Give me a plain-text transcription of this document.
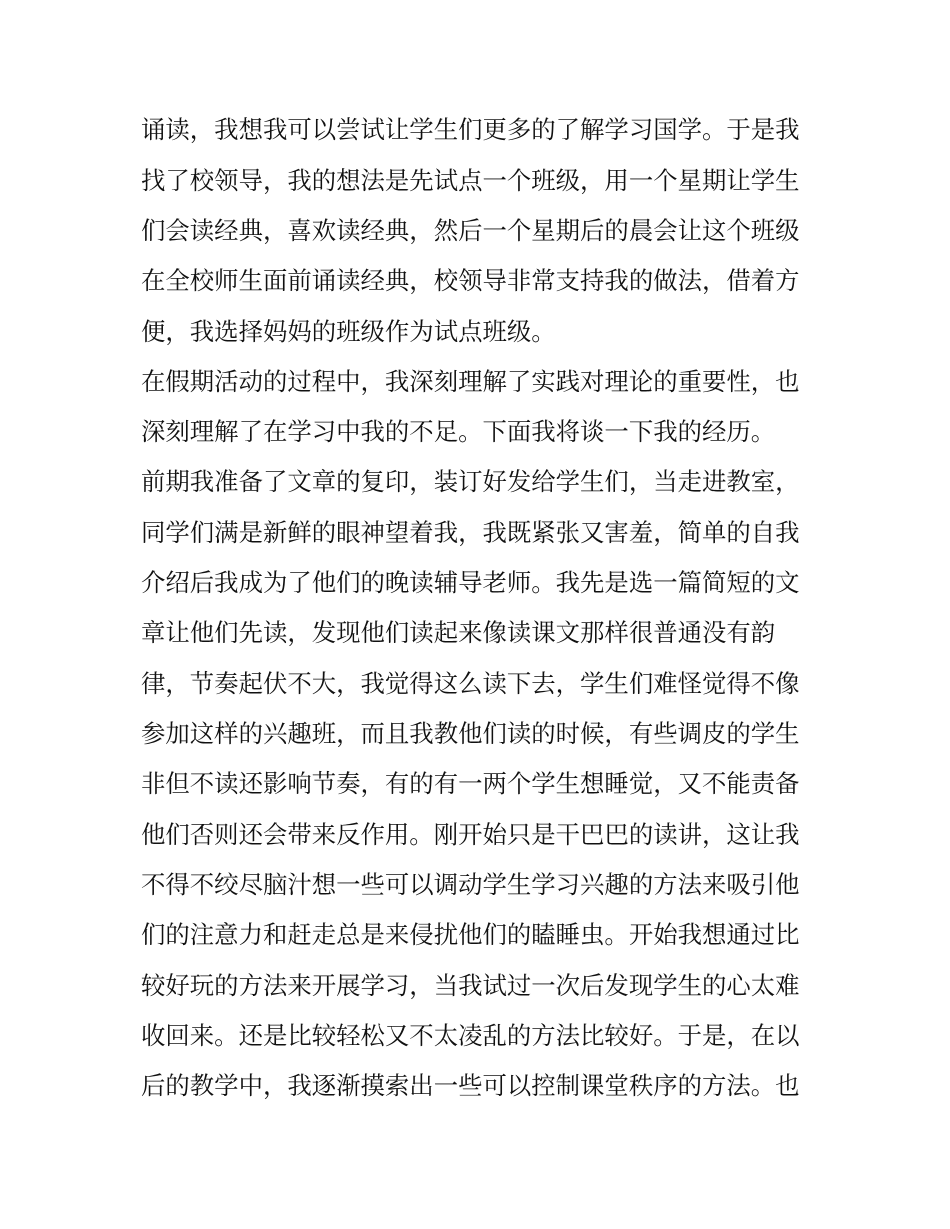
诵读，我想我可以尝试让学生们更多的了解学习国学。于是我
找了校领导，我的想法是先试点一个班级，用一个星期让学生
们会读经典，喜欢读经典，然后一个星期后的晨会让这个班级
在全校师生面前诵读经典，校领导非常支持我的做法，借着方
便，我选择妈妈的班级作为试点班级。
在假期活动的过程中，我深刻理解了实践对理论的重要性，也
深刻理解了在学习中我的不足。下面我将谈一下我的经历。
前期我准备了文章的复印，装订好发给学生们，当走进教室，
同学们满是新鲜的眼神望着我，我既紧张又害羞，简单的自我
介绍后我成为了他们的晚读辅导老师。我先是选一篇简短的文
章让他们先读，发现他们读起来像读课文那样很普通没有韵
律，节奏起伏不大，我觉得这么读下去，学生们难怪觉得不像
参加这样的兴趣班，而且我教他们读的时候，有些调皮的学生
非但不读还影响节奏，有的有一两个学生想睡觉，又不能责备
他们否则还会带来反作用。刚开始只是干巴巴的读讲，这让我
不得不绞尽脑汁想一些可以调动学生学习兴趣的方法来吸引他
们的注意力和赶走总是来侵扰他们的瞌睡虫。开始我想通过比
较好玩的方法来开展学习，当我试过一次后发现学生的心太难
收回来。还是比较轻松又不太凌乱的方法比较好。于是，在以
后的教学中，我逐渐摸索出一些可以控制课堂秩序的方法。也
